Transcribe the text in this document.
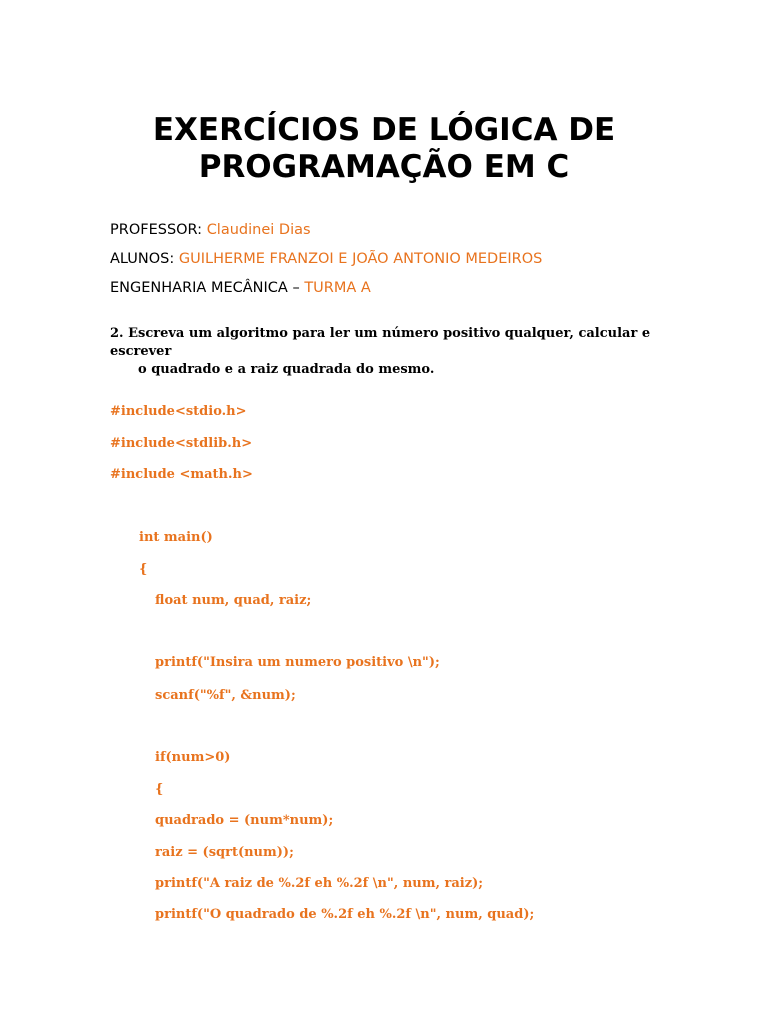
EXERCÍCIOS DE LÓGICA DE
PROGRAMAÇÃO EM C
PROFESSOR: Claudinei Dias
ALUNOS: GUILHERME FRANZOI E JOÃO ANTONIO MEDEIROS
ENGENHARIA MECÂNICA – TURMA A
2. Escreva um algoritmo para ler um número positivo qualquer, calcular e escrever
o quadrado e a raiz quadrada do mesmo.
#include<stdio.h>
#include<stdlib.h>
#include <math.h>
int main()
{
float num, quad, raiz;
printf("Insira um numero positivo \n");
scanf("%f", &num);
if(num>0)
{
quadrado = (num*num);
raiz = (sqrt(num));
printf("A raiz de %.2f eh %.2f \n", num, raiz);
printf("O quadrado de %.2f eh %.2f \n", num, quad);
